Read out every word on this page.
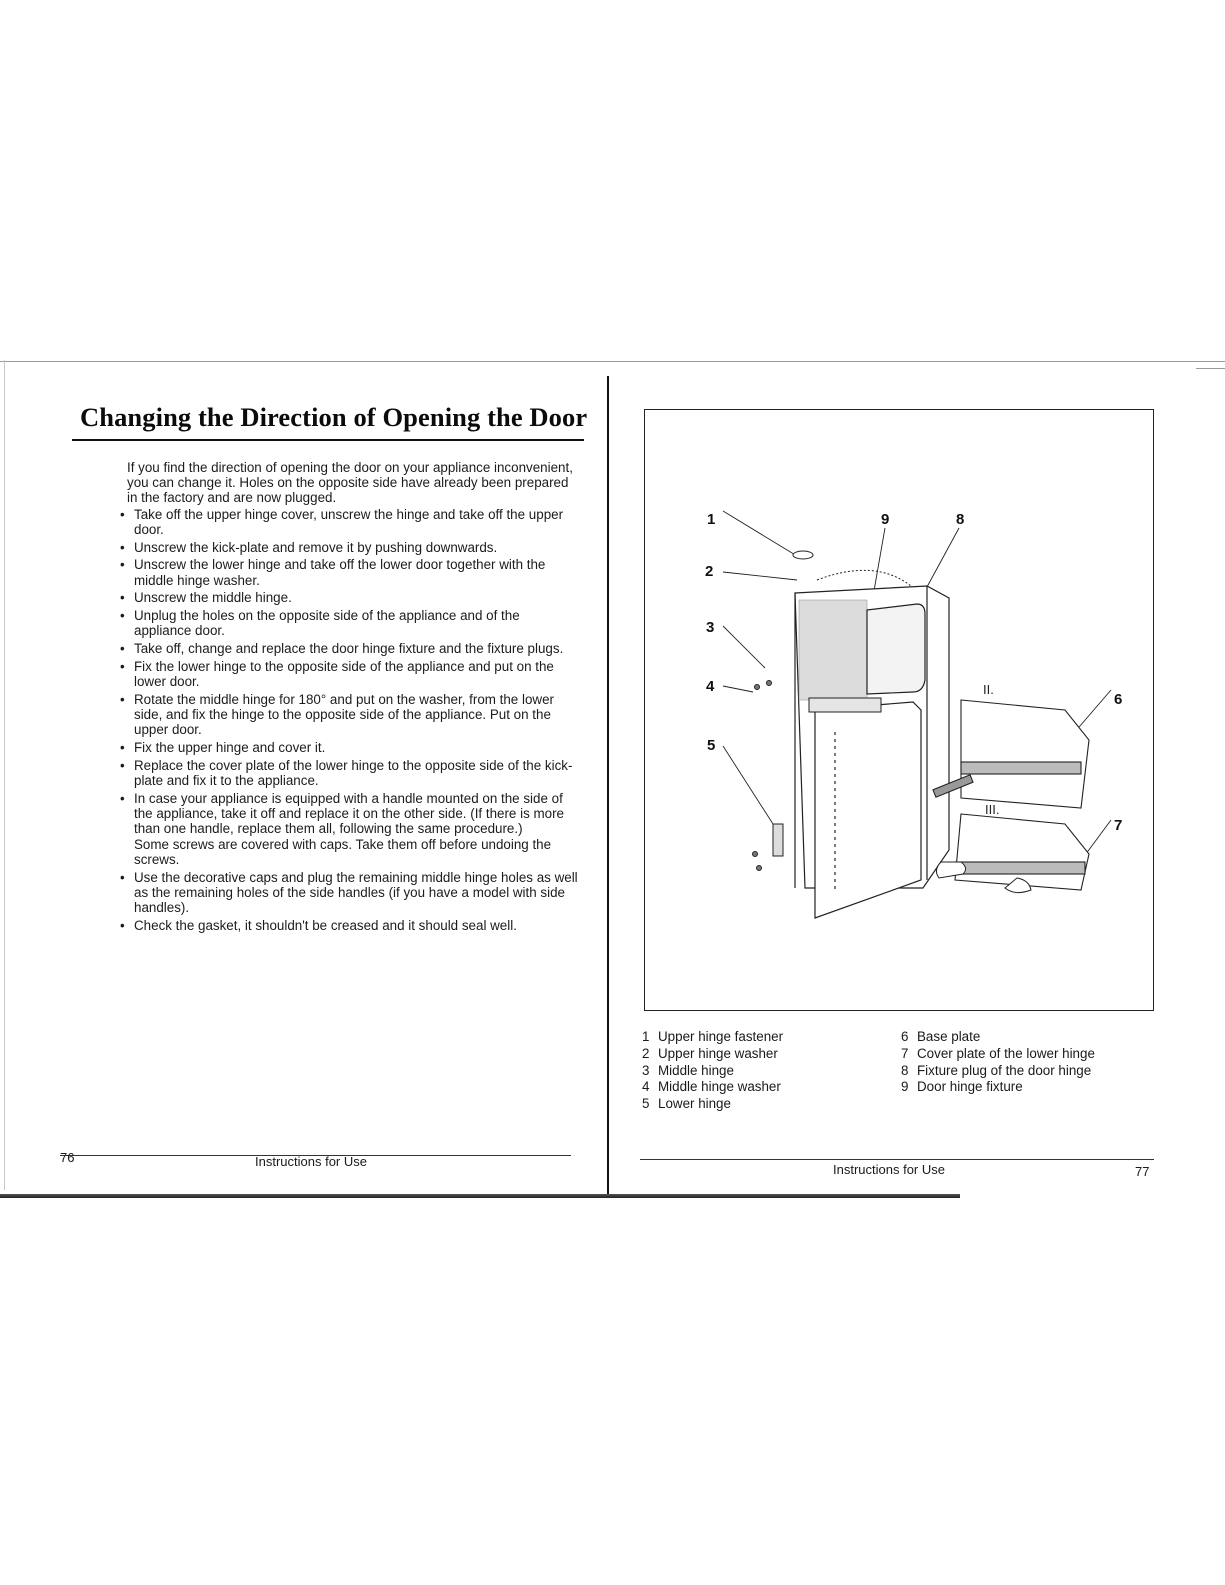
Changing the Direction of Opening the Door

If you find the direction of opening the door on your appliance inconvenient, you can change it. Holes on the opposite side have already been prepared in the factory and are now plugged.

• Take off the upper hinge cover, unscrew the hinge and take off the upper door.
• Unscrew the kick-plate and remove it by pushing downwards.
• Unscrew the lower hinge and take off the lower door together with the middle hinge washer.
• Unscrew the middle hinge.
• Unplug the holes on the opposite side of the appliance and of the appliance door.
• Take off, change and replace the door hinge fixture and the fixture plugs.
• Fix the lower hinge to the opposite side of the appliance and put on the lower door.
• Rotate the middle hinge for 180° and put on the washer, from the lower side, and fix the hinge to the opposite side of the appliance. Put on the upper door.
• Fix the upper hinge and cover it.
• Replace the cover plate of the lower hinge to the opposite side of the kick-plate and fix it to the appliance.
• In case your appliance is equipped with a handle mounted on the side of the appliance, take it off and replace it on the other side. (If there is more than one handle, replace them all, following the same procedure.)
Some screws are covered with caps. Take them off before undoing the screws.
• Use the decorative caps and plug the remaining middle hinge holes as well as the remaining holes of the side handles (if you have a model with side handles).
• Check the gasket, it shouldn't be creased and it should seal well.
76	Instructions for Use
1
2
3
4
5
6
7
8
9
II.
III.
1 Upper hinge fastener
2 Upper hinge washer
3 Middle hinge
4 Middle hinge washer
5 Lower hinge
6 Base plate
7 Cover plate of the lower hinge
8 Fixture plug of the door hinge
9 Door hinge fixture
Instructions for Use	77
